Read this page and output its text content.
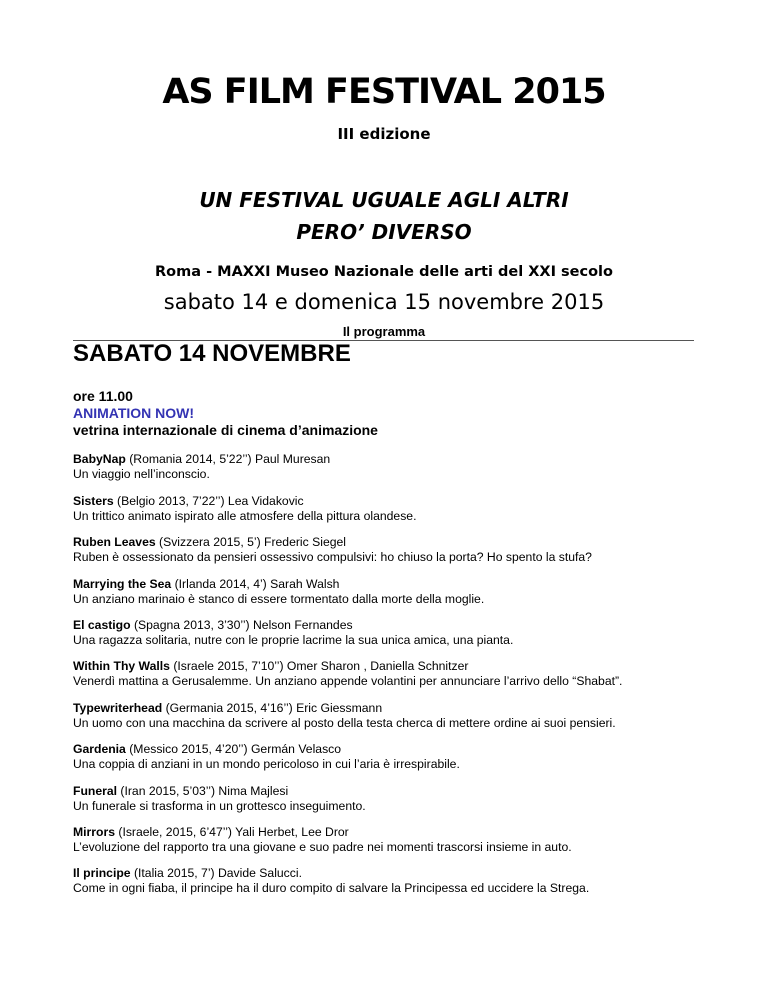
AS FILM FESTIVAL 2015
III edizione
UN FESTIVAL UGUALE AGLI ALTRI
PERO’ DIVERSO
Roma - MAXXI Museo Nazionale delle arti del XXI secolo
sabato 14 e domenica 15 novembre 2015
Il programma
SABATO 14 NOVEMBRE
ore 11.00
ANIMATION NOW!
vetrina internazionale di cinema d’animazione
BabyNap (Romania 2014, 5’22’’) Paul Muresan
Un viaggio nell’inconscio.
Sisters (Belgio 2013, 7’22’’) Lea Vidakovic
Un trittico animato ispirato alle atmosfere della pittura olandese.
Ruben Leaves (Svizzera 2015, 5’) Frederic Siegel
Ruben è ossessionato da pensieri ossessivo compulsivi: ho chiuso la porta? Ho spento la stufa?
Marrying the Sea (Irlanda 2014, 4’) Sarah Walsh
Un anziano marinaio è stanco di essere tormentato dalla morte della moglie.
El castigo (Spagna 2013, 3’30’’) Nelson Fernandes
Una ragazza solitaria, nutre con le proprie lacrime la sua unica amica, una pianta.
Within Thy Walls (Israele 2015, 7’10’’) Omer Sharon , Daniella Schnitzer
Venerdì mattina a Gerusalemme. Un anziano appende volantini per annunciare l’arrivo dello “Shabat”.
Typewriterhead (Germania 2015, 4’16’’) Eric Giessmann
Un uomo con una macchina da scrivere al posto della testa cherca di mettere ordine ai suoi pensieri.
Gardenia (Messico 2015, 4’20’’) Germán Velasco
Una coppia di anziani in un mondo pericoloso in cui l’aria è irrespirabile.
Funeral (Iran 2015, 5’03’’) Nima Majlesi
Un funerale si trasforma in un grottesco inseguimento.
Mirrors (Israele, 2015, 6’47’’) Yali Herbet, Lee Dror
L’evoluzione del rapporto tra una giovane e suo padre nei momenti trascorsi insieme in auto.
Il principe (Italia 2015, 7’) Davide Salucci.
Come in ogni fiaba, il principe ha il duro compito di salvare la Principessa ed uccidere la Strega.
